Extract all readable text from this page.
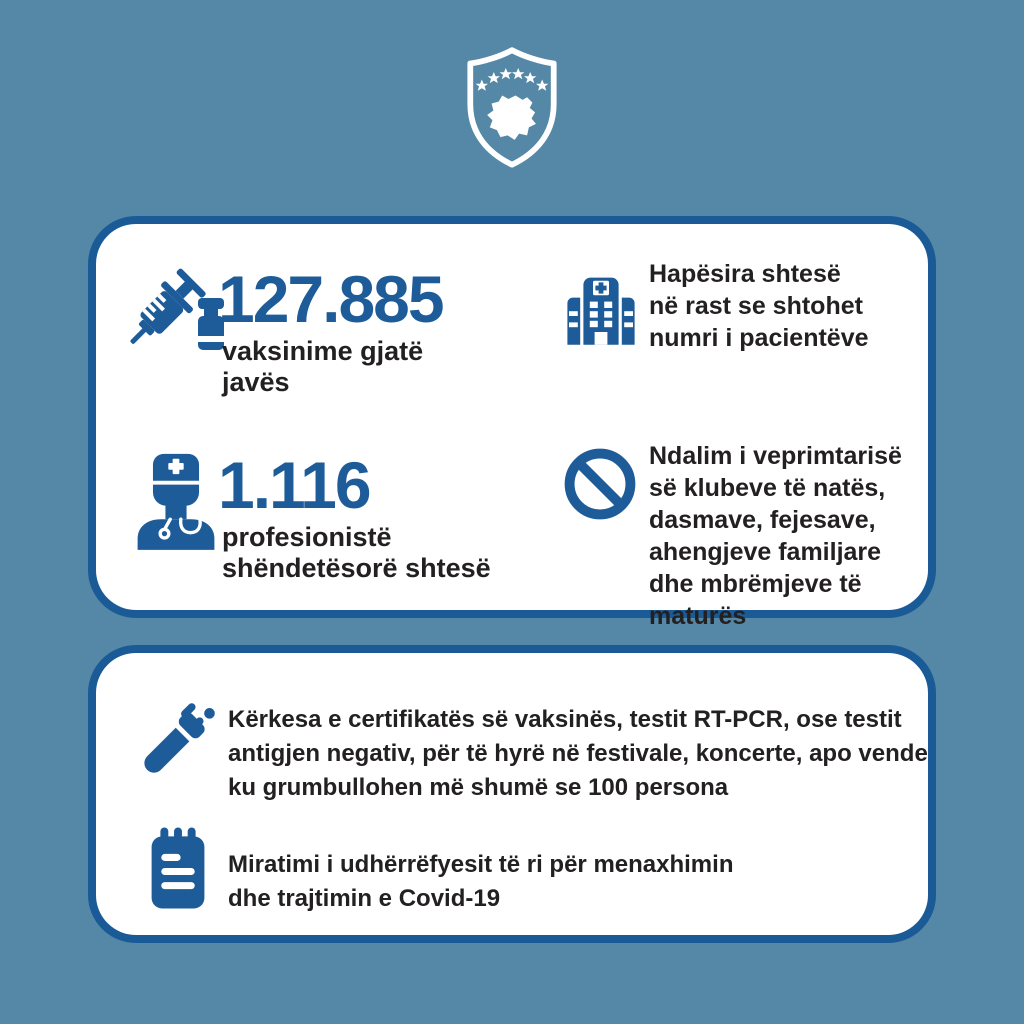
127.885
vaksinime gjatë
javës
Hapësira shtesë
në rast se shtohet
numri i pacientëve
1.116
profesionistë
shëndetësorë shtesë
Ndalim i veprimtarisë
së klubeve të natës,
dasmave, fejesave,
ahengjeve familjare
dhe mbrëmjeve të
maturës
Kërkesa e certifikatës së vaksinës, testit RT-PCR, ose testit
antigjen negativ, për të hyrë në festivale, koncerte, apo vende
ku grumbullohen më shumë se 100 persona
Miratimi i udhërrëfyesit të ri për menaxhimin
dhe trajtimin e Covid-19
